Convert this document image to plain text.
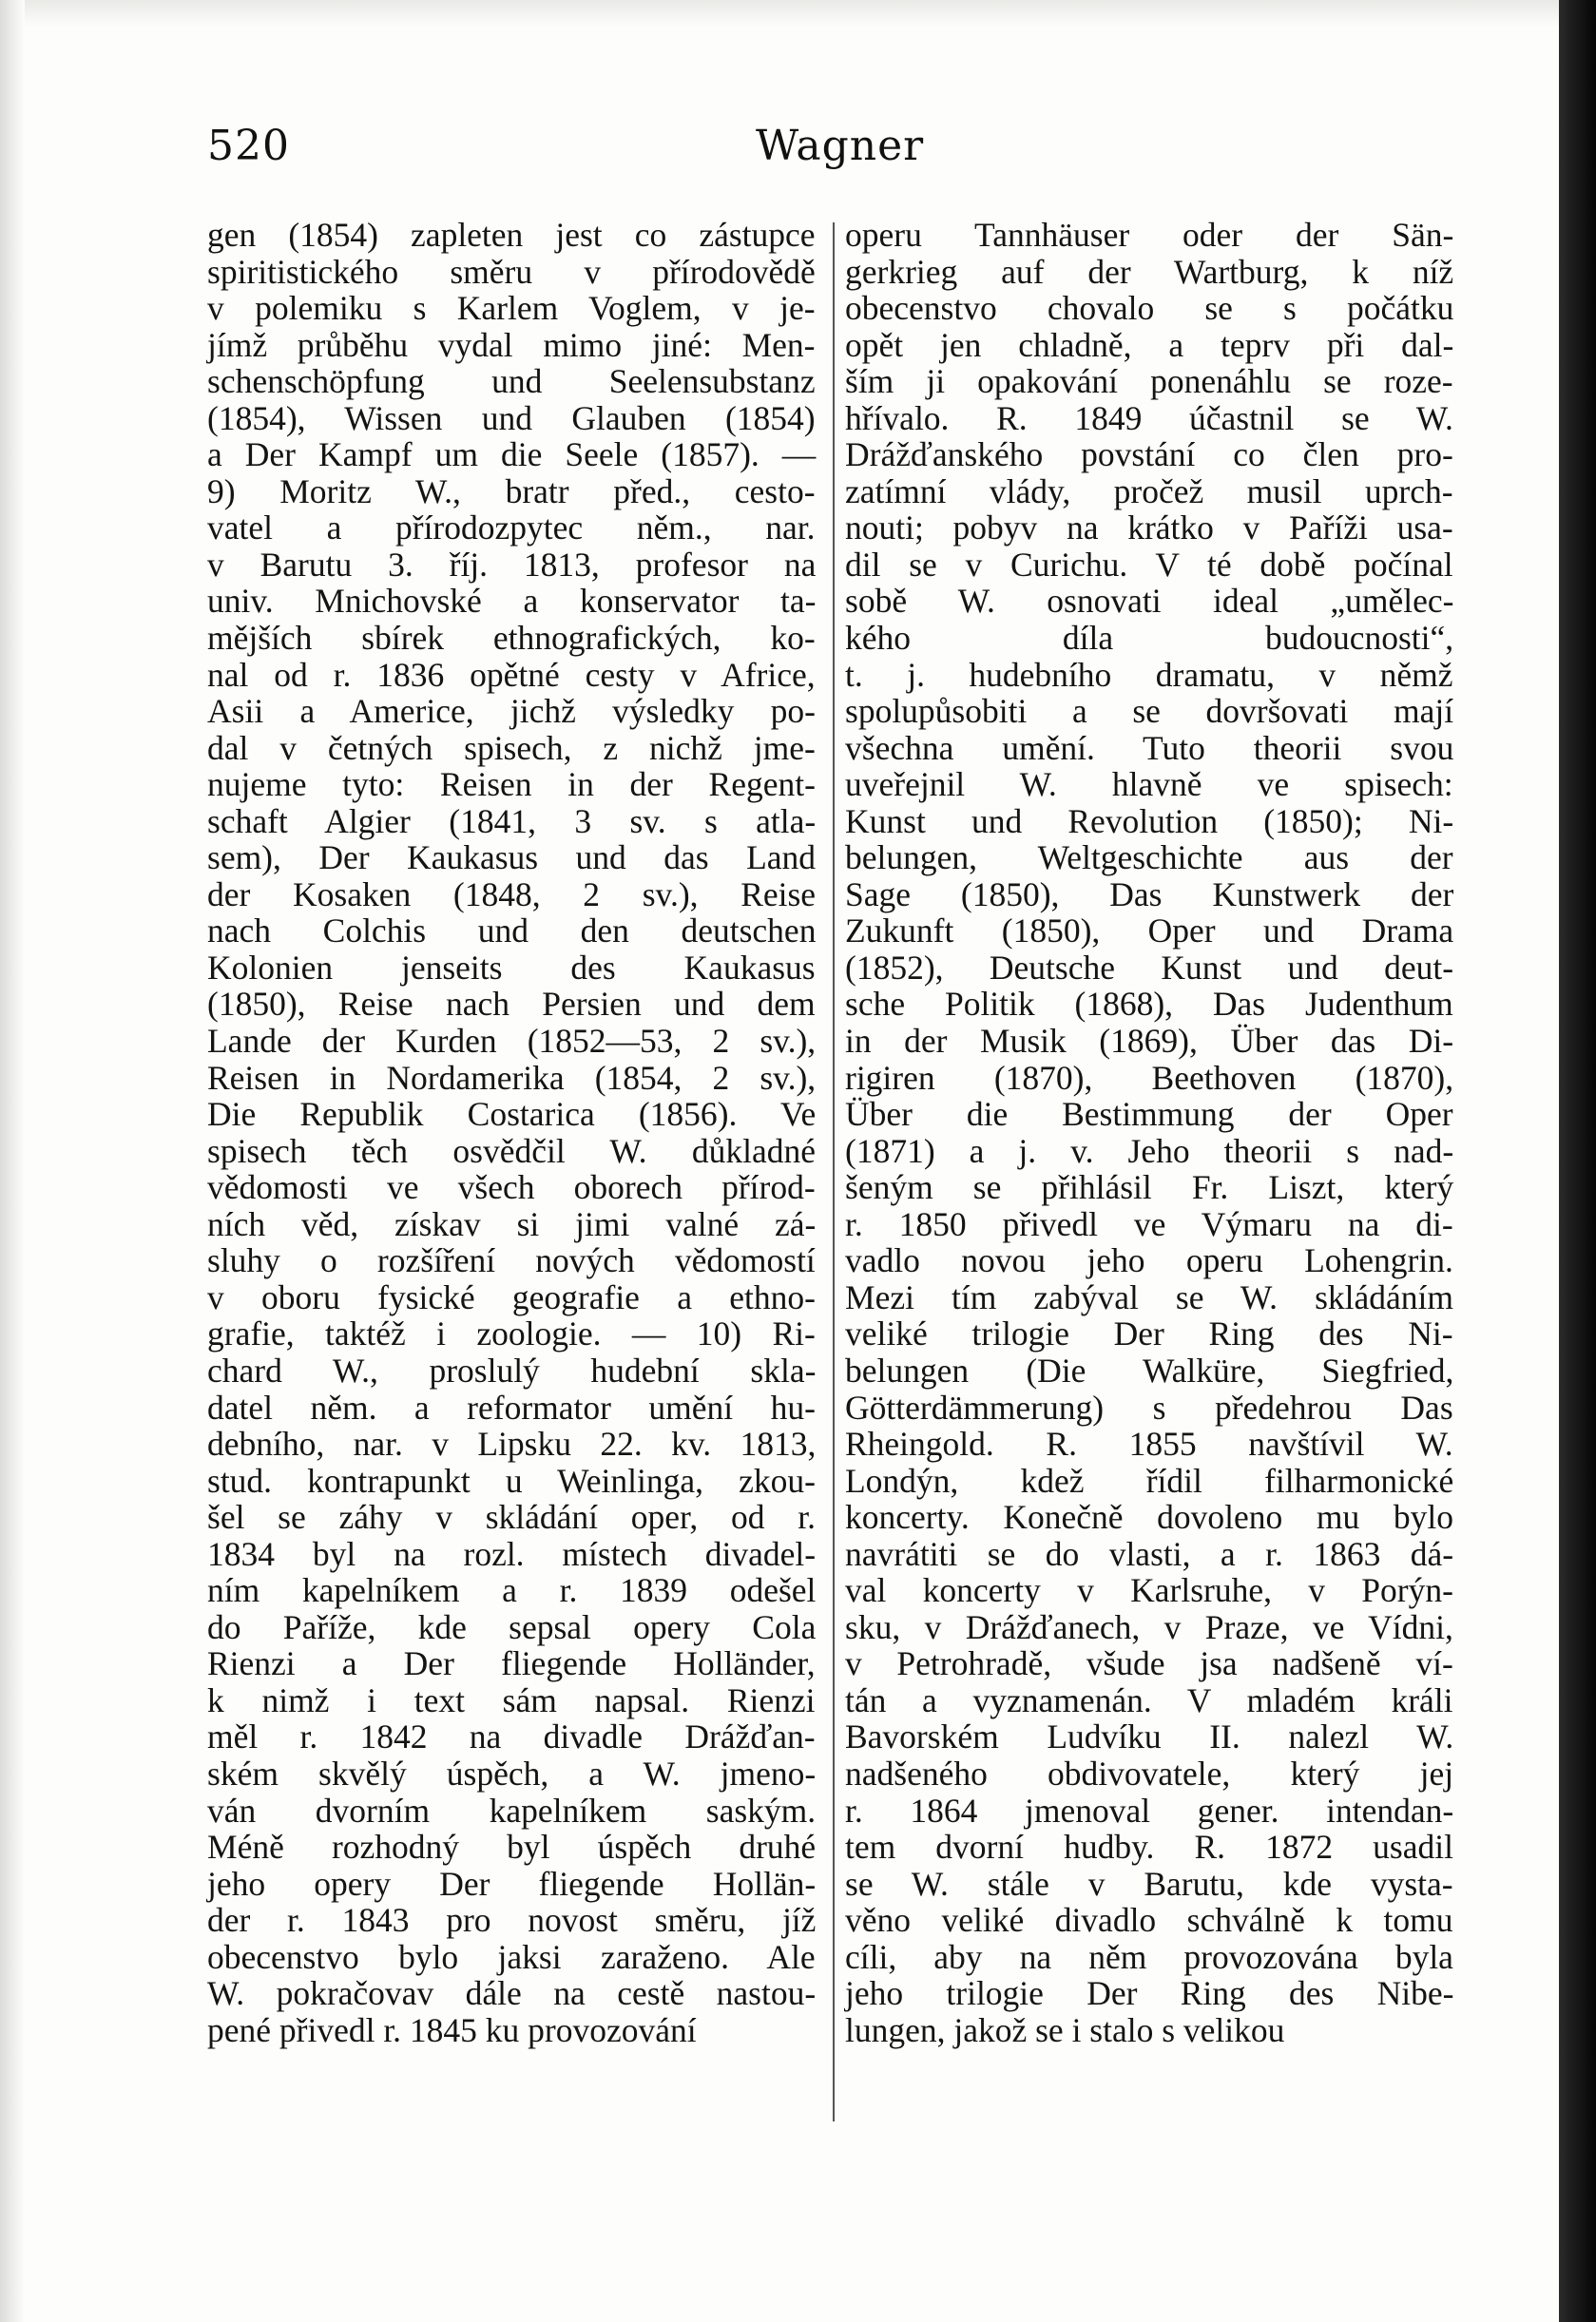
520	Wagner
gen (1854) zapleten jest co zástupce
spiritistického směru v přírodovědě
v polemiku s Karlem Voglem, v je-
jímž průběhu vydal mimo jiné: Men-
schenschöpfung und Seelensubstanz
(1854), Wissen und Glauben (1854)
a Der Kampf um die Seele (1857). —
9) Moritz W., bratr před., cesto-
vatel a přírodozpytec něm., nar.
v Barutu 3. říj. 1813, profesor na
univ. Mnichovské a konservator ta-
mějších sbírek ethnografických, ko-
nal od r. 1836 opětné cesty v Africe,
Asii a Americe, jichž výsledky po-
dal v četných spisech, z nichž jme-
nujeme tyto: Reisen in der Regent-
schaft Algier (1841, 3 sv. s atla-
sem), Der Kaukasus und das Land
der Kosaken (1848, 2 sv.), Reise
nach Colchis und den deutschen
Kolonien jenseits des Kaukasus
(1850), Reise nach Persien und dem
Lande der Kurden (1852—53, 2 sv.),
Reisen in Nordamerika (1854, 2 sv.),
Die Republik Costarica (1856). Ve
spisech těch osvědčil W. důkladné
vědomosti ve všech oborech přírod-
ních věd, získav si jimi valné zá-
sluhy o rozšíření nových vědomostí
v oboru fysické geografie a ethno-
grafie, taktéž i zoologie. — 10) Ri-
chard W., proslulý hudební skla-
datel něm. a reformator umění hu-
debního, nar. v Lipsku 22. kv. 1813,
stud. kontrapunkt u Weinlinga, zkou-
šel se záhy v skládání oper, od r.
1834 byl na rozl. místech divadel-
ním kapelníkem a r. 1839 odešel
do Paříže, kde sepsal opery Cola
Rienzi a Der fliegende Holländer,
k nimž i text sám napsal. Rienzi
měl r. 1842 na divadle Drážďan-
ském skvělý úspěch, a W. jmeno-
ván dvorním kapelníkem saským.
Méně rozhodný byl úspěch druhé
jeho opery Der fliegende Hollän-
der r. 1843 pro novost směru, jíž
obecenstvo bylo jaksi zaraženo. Ale
W. pokračovav dále na cestě nastou-
pené přivedl r. 1845 ku provozování
operu Tannhäuser oder der Sän-
gerkrieg auf der Wartburg, k níž
obecenstvo chovalo se s počátku
opět jen chladně, a teprv při dal-
ším ji opakování ponenáhlu se roze-
hřívalo. R. 1849 účastnil se W.
Drážďanského povstání co člen pro-
zatímní vlády, pročež musil uprch-
nouti; pobyv na krátko v Paříži usa-
dil se v Curichu. V té době počínal
sobě W. osnovati ideal „umělec-
kého díla budoucnosti“,
t. j. hudebního dramatu, v němž
spolupůsobiti a se dovršovati mají
všechna umění. Tuto theorii svou
uveřejnil W. hlavně ve spisech:
Kunst und Revolution (1850); Ni-
belungen, Weltgeschichte aus der
Sage (1850), Das Kunstwerk der
Zukunft (1850), Oper und Drama
(1852), Deutsche Kunst und deut-
sche Politik (1868), Das Judenthum
in der Musik (1869), Über das Di-
rigiren (1870), Beethoven (1870),
Über die Bestimmung der Oper
(1871) a j. v. Jeho theorii s nad-
šeným se přihlásil Fr. Liszt, který
r. 1850 přivedl ve Výmaru na di-
vadlo novou jeho operu Lohengrin.
Mezi tím zabýval se W. skládáním
veliké trilogie Der Ring des Ni-
belungen (Die Walküre, Siegfried,
Götterdämmerung) s předehrou Das
Rheingold. R. 1855 navštívil W.
Londýn, kdež řídil filharmonické
koncerty. Konečně dovoleno mu bylo
navrátiti se do vlasti, a r. 1863 dá-
val koncerty v Karlsruhe, v Porýn-
sku, v Drážďanech, v Praze, ve Vídni,
v Petrohradě, všude jsa nadšeně ví-
tán a vyznamenán. V mladém králi
Bavorském Ludvíku II. nalezl W.
nadšeného obdivovatele, který jej
r. 1864 jmenoval gener. intendan-
tem dvorní hudby. R. 1872 usadil
se W. stále v Barutu, kde vysta-
věno veliké divadlo schválně k tomu
cíli, aby na něm provozována byla
jeho trilogie Der Ring des Nibe-
lungen, jakož se i stalo s velikou
